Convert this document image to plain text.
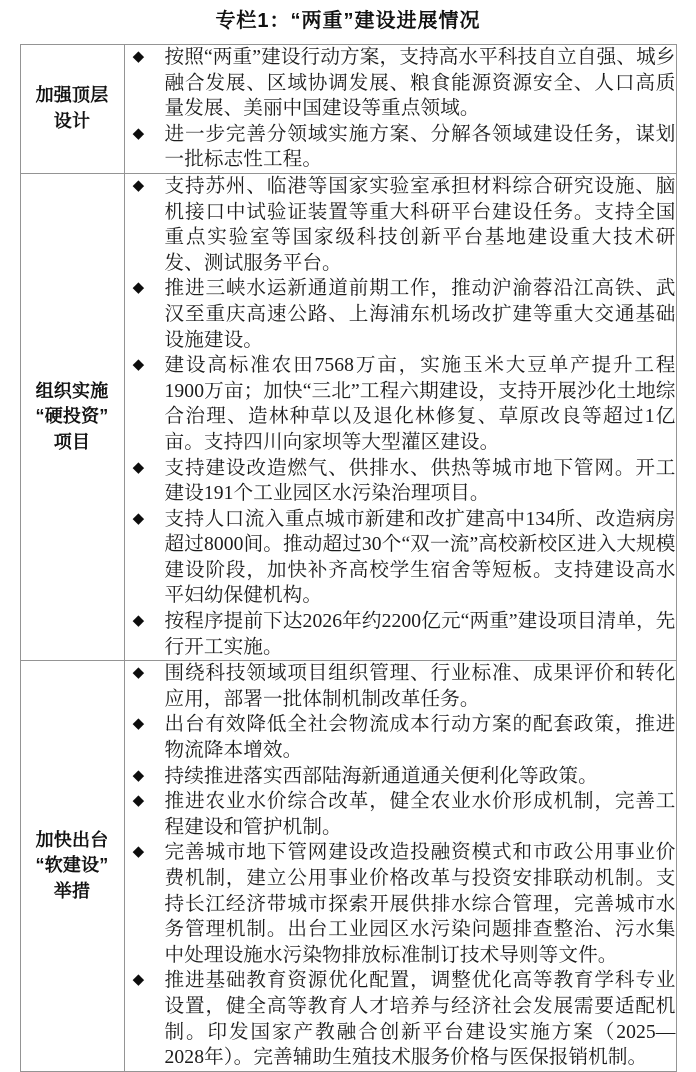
专栏1：“两重”建设进展情况
加强顶层
设计

◆ 按照“两重”建设行动方案，支持高水平科技自立自强、城乡融合发展、区域协调发展、粮食能源资源安全、人口高质量发展、美丽中国建设等重点领域。
◆ 进一步完善分领域实施方案、分解各领域建设任务，谋划一批标志性工程。

组织实施
“硬投资”
项目

◆ 支持苏州、临港等国家实验室承担材料综合研究设施、脑机接口中试验证装置等重大科研平台建设任务。支持全国重点实验室等国家级科技创新平台基地建设重大技术研发、测试服务平台。
◆ 推进三峡水运新通道前期工作，推动沪渝蓉沿江高铁、武汉至重庆高速公路、上海浦东机场改扩建等重大交通基础设施建设。
◆ 建设高标准农田7568万亩，实施玉米大豆单产提升工程1900万亩；加快“三北”工程六期建设，支持开展沙化土地综合治理、造林种草以及退化林修复、草原改良等超过1亿亩。支持四川向家坝等大型灌区建设。
◆ 支持建设改造燃气、供排水、供热等城市地下管网。开工建设191个工业园区水污染治理项目。
◆ 支持人口流入重点城市新建和改扩建高中134所、改造病房超过8000间。推动超过30个“双一流”高校新校区进入大规模建设阶段，加快补齐高校学生宿舍等短板。支持建设高水平妇幼保健机构。
◆ 按程序提前下达2026年约2200亿元“两重”建设项目清单，先行开工实施。

加快出台
“软建设”
举措

◆ 围绕科技领域项目组织管理、行业标准、成果评价和转化应用，部署一批体制机制改革任务。
◆ 出台有效降低全社会物流成本行动方案的配套政策，推进物流降本增效。
◆ 持续推进落实西部陆海新通道通关便利化等政策。
◆ 推进农业水价综合改革，健全农业水价形成机制，完善工程建设和管护机制。
◆ 完善城市地下管网建设改造投融资模式和市政公用事业价费机制，建立公用事业价格改革与投资安排联动机制。支持长江经济带城市探索开展供排水综合管理，完善城市水务管理机制。出台工业园区水污染问题排查整治、污水集中处理设施水污染物排放标准制订技术导则等文件。
◆ 推进基础教育资源优化配置，调整优化高等教育学科专业设置，健全高等教育人才培养与经济社会发展需要适配机制。印发国家产教融合创新平台建设实施方案（2025—2028年）。完善辅助生殖技术服务价格与医保报销机制。
